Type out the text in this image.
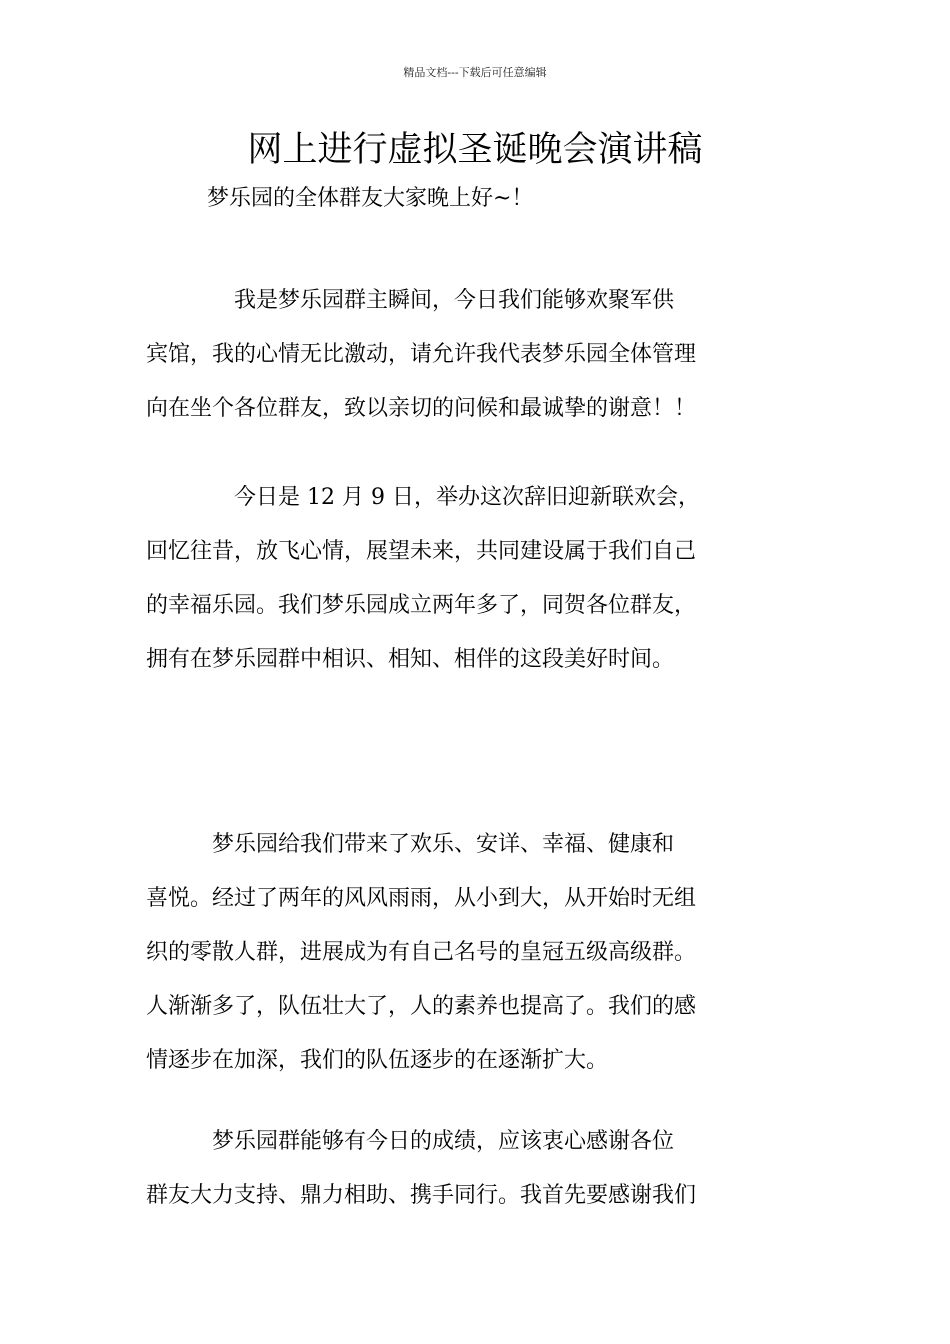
精品文档---下载后可任意编辑
网上进行虚拟圣诞晚会演讲稿
梦乐园的全体群友大家晚上好~！
　　　　我是梦乐园群主瞬间，今日我们能够欢聚军供
宾馆，我的心情无比激动，请允许我代表梦乐园全体管理
向在坐个各位群友，致以亲切的问候和最诚挚的谢意！！
　　　　今日是 12 月 9 日，举办这次辞旧迎新联欢会，
回忆往昔，放飞心情，展望未来，共同建设属于我们自己
的幸福乐园。我们梦乐园成立两年多了，同贺各位群友，
拥有在梦乐园群中相识、相知、相伴的这段美好时间。
　　　梦乐园给我们带来了欢乐、安详、幸福、健康和
喜悦。经过了两年的风风雨雨，从小到大，从开始时无组
织的零散人群，进展成为有自己名号的皇冠五级高级群。
人渐渐多了，队伍壮大了，人的素养也提高了。我们的感
情逐步在加深，我们的队伍逐步的在逐渐扩大。
　　　梦乐园群能够有今日的成绩，应该衷心感谢各位
群友大力支持、鼎力相助、携手同行。我首先要感谢我们
